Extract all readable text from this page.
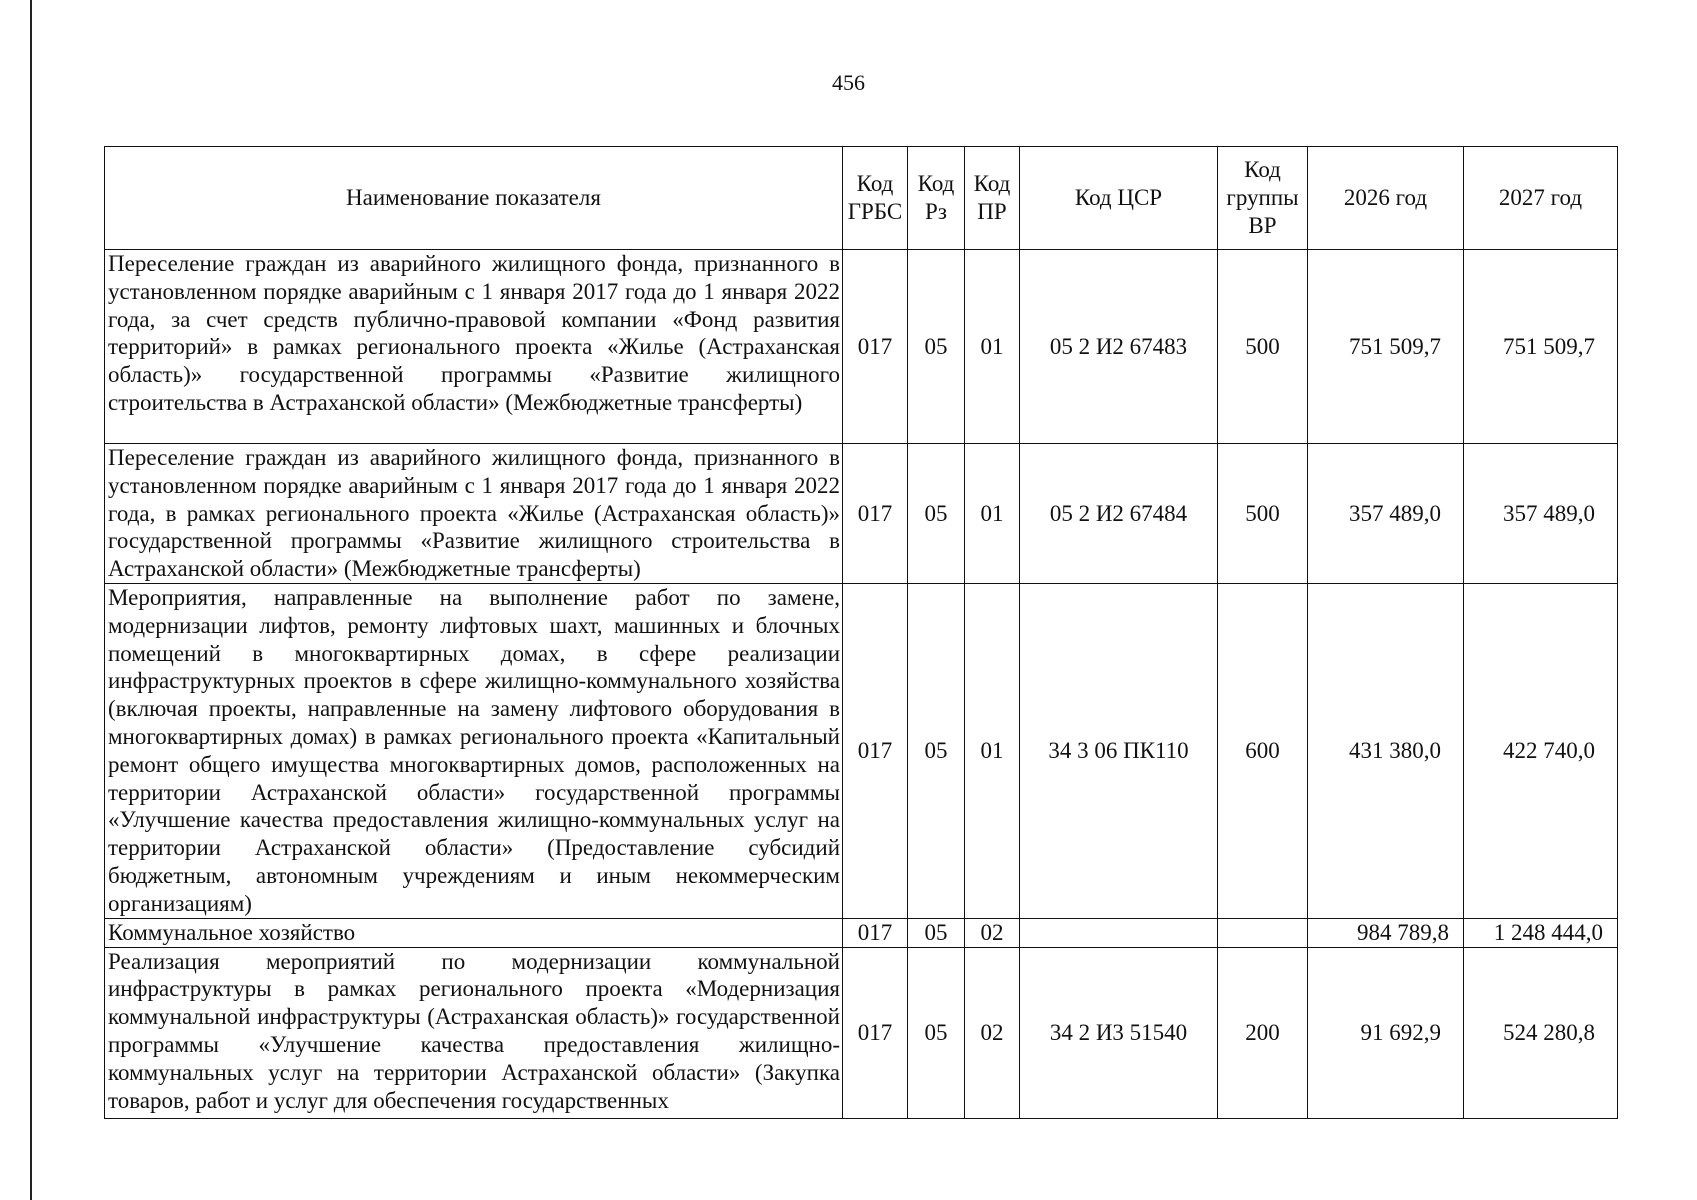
456
Наименование показателя	Код ГРБС	Код Рз	Код ПР	Код ЦСР	Код группы ВР	2026 год	2027 год
Переселение граждан из аварийного жилищного фонда, признанного в установленном порядке аварийным с 1 января 2017 года до 1 января 2022 года, за счет средств публично-правовой компании «Фонд развития территорий» в рамках регионального проекта «Жилье (Астраханская область)» государственной программы «Развитие жилищного строительства в Астраханской области» (Межбюджетные трансферты)	017	05	01	05 2 И2 67483	500	751 509,7	751 509,7
Переселение граждан из аварийного жилищного фонда, признанного в установленном порядке аварийным с 1 января 2017 года до 1 января 2022 года, в рамках регионального проекта «Жилье (Астраханская область)» государственной программы «Развитие жилищного строительства в Астраханской области» (Межбюджетные трансферты)	017	05	01	05 2 И2 67484	500	357 489,0	357 489,0
Мероприятия, направленные на выполнение работ по замене, модернизации лифтов, ремонту лифтовых шахт, машинных и блочных помещений в многоквартирных домах, в сфере реализации инфраструктурных проектов в сфере жилищно-коммунального хозяйства (включая проекты, направленные на замену лифтового оборудования в многоквартирных домах) в рамках регионального проекта «Капитальный ремонт общего имущества многоквартирных домов, расположенных на территории Астраханской области» государственной программы «Улучшение качества предоставления жилищно-коммунальных услуг на территории Астраханской области» (Предоставление субсидий бюджетным, автономным учреждениям и иным некоммерческим организациям)	017	05	01	34 3 06 ПК110	600	431 380,0	422 740,0
Коммунальное хозяйство	017	05	02			984 789,8	1 248 444,0

Реализация мероприятий по модернизации коммунальной инфраструктуры в рамках регионального проекта «Модернизация коммунальной инфраструктуры (Астраханская область)» государственной программы «Улучшение качества предоставления жилищно-коммунальных услуг на территории Астраханской области» (Закупка товаров, работ и услуг для обеспечения государственных	017	05	02	34 2 И3 51540	200	91 692,9	524 280,8
